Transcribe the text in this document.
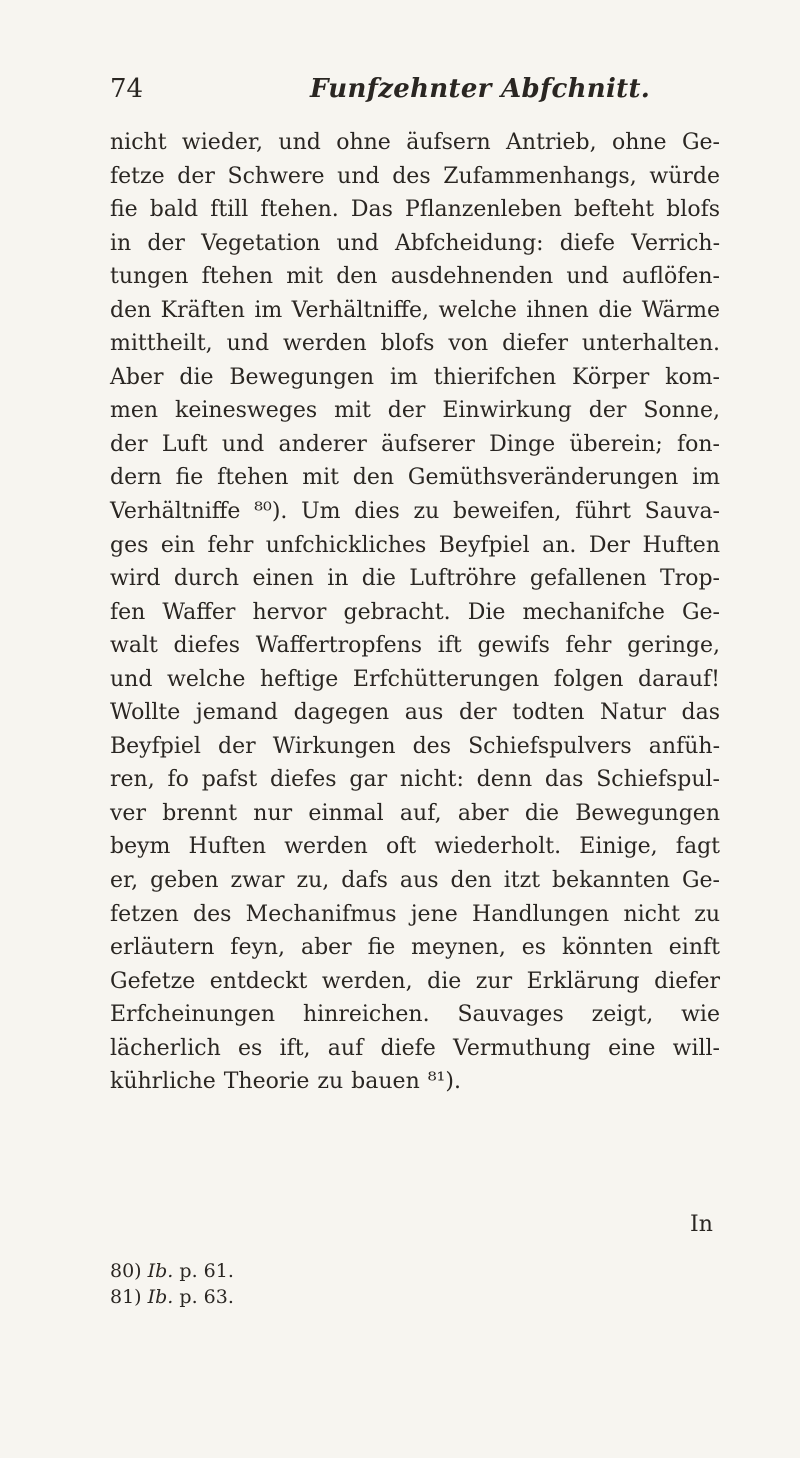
74	Funfzehnter Abfchnitt.
nicht wieder, und ohne äufsern Antrieb, ohne Ge-
fetze der Schwere und des Zufammenhangs, würde
fie bald ftill ftehen. Das Pflanzenleben befteht blofs
in der Vegetation und Abfcheidung: diefe Verrich-
tungen ftehen mit den ausdehnenden und auflöfen-
den Kräften im Verhältniffe, welche ihnen die Wärme
mittheilt, und werden blofs von diefer unterhalten.
Aber die Bewegungen im thierifchen Körper kom-
men keinesweges mit der Einwirkung der Sonne,
der Luft und anderer äufserer Dinge überein; fon-
dern fie ftehen mit den Gemüthsveränderungen im
Verhältniffe ⁸⁰). Um dies zu beweifen, führt Sauva-
ges ein fehr unfchickliches Beyfpiel an. Der Huften
wird durch einen in die Luftröhre gefallenen Trop-
fen Waffer hervor gebracht. Die mechanifche Ge-
walt diefes Waffertropfens ift gewifs fehr geringe,
und welche heftige Erfchütterungen folgen darauf!
Wollte jemand dagegen aus der todten Natur das
Beyfpiel der Wirkungen des Schiefspulvers anfüh-
ren, fo pafst diefes gar nicht: denn das Schiefspul-
ver brennt nur einmal auf, aber die Bewegungen
beym Huften werden oft wiederholt. Einige, fagt
er, geben zwar zu, dafs aus den itzt bekannten Ge-
fetzen des Mechanifmus jene Handlungen nicht zu
erläutern feyn, aber fie meynen, es könnten einft
Gefetze entdeckt werden, die zur Erklärung diefer
Erfcheinungen hinreichen. Sauvages zeigt, wie
lächerlich es ift, auf diefe Vermuthung eine will-
kührliche Theorie zu bauen ⁸¹).
In
80) Ib. p. 61.
81) Ib. p. 63.
